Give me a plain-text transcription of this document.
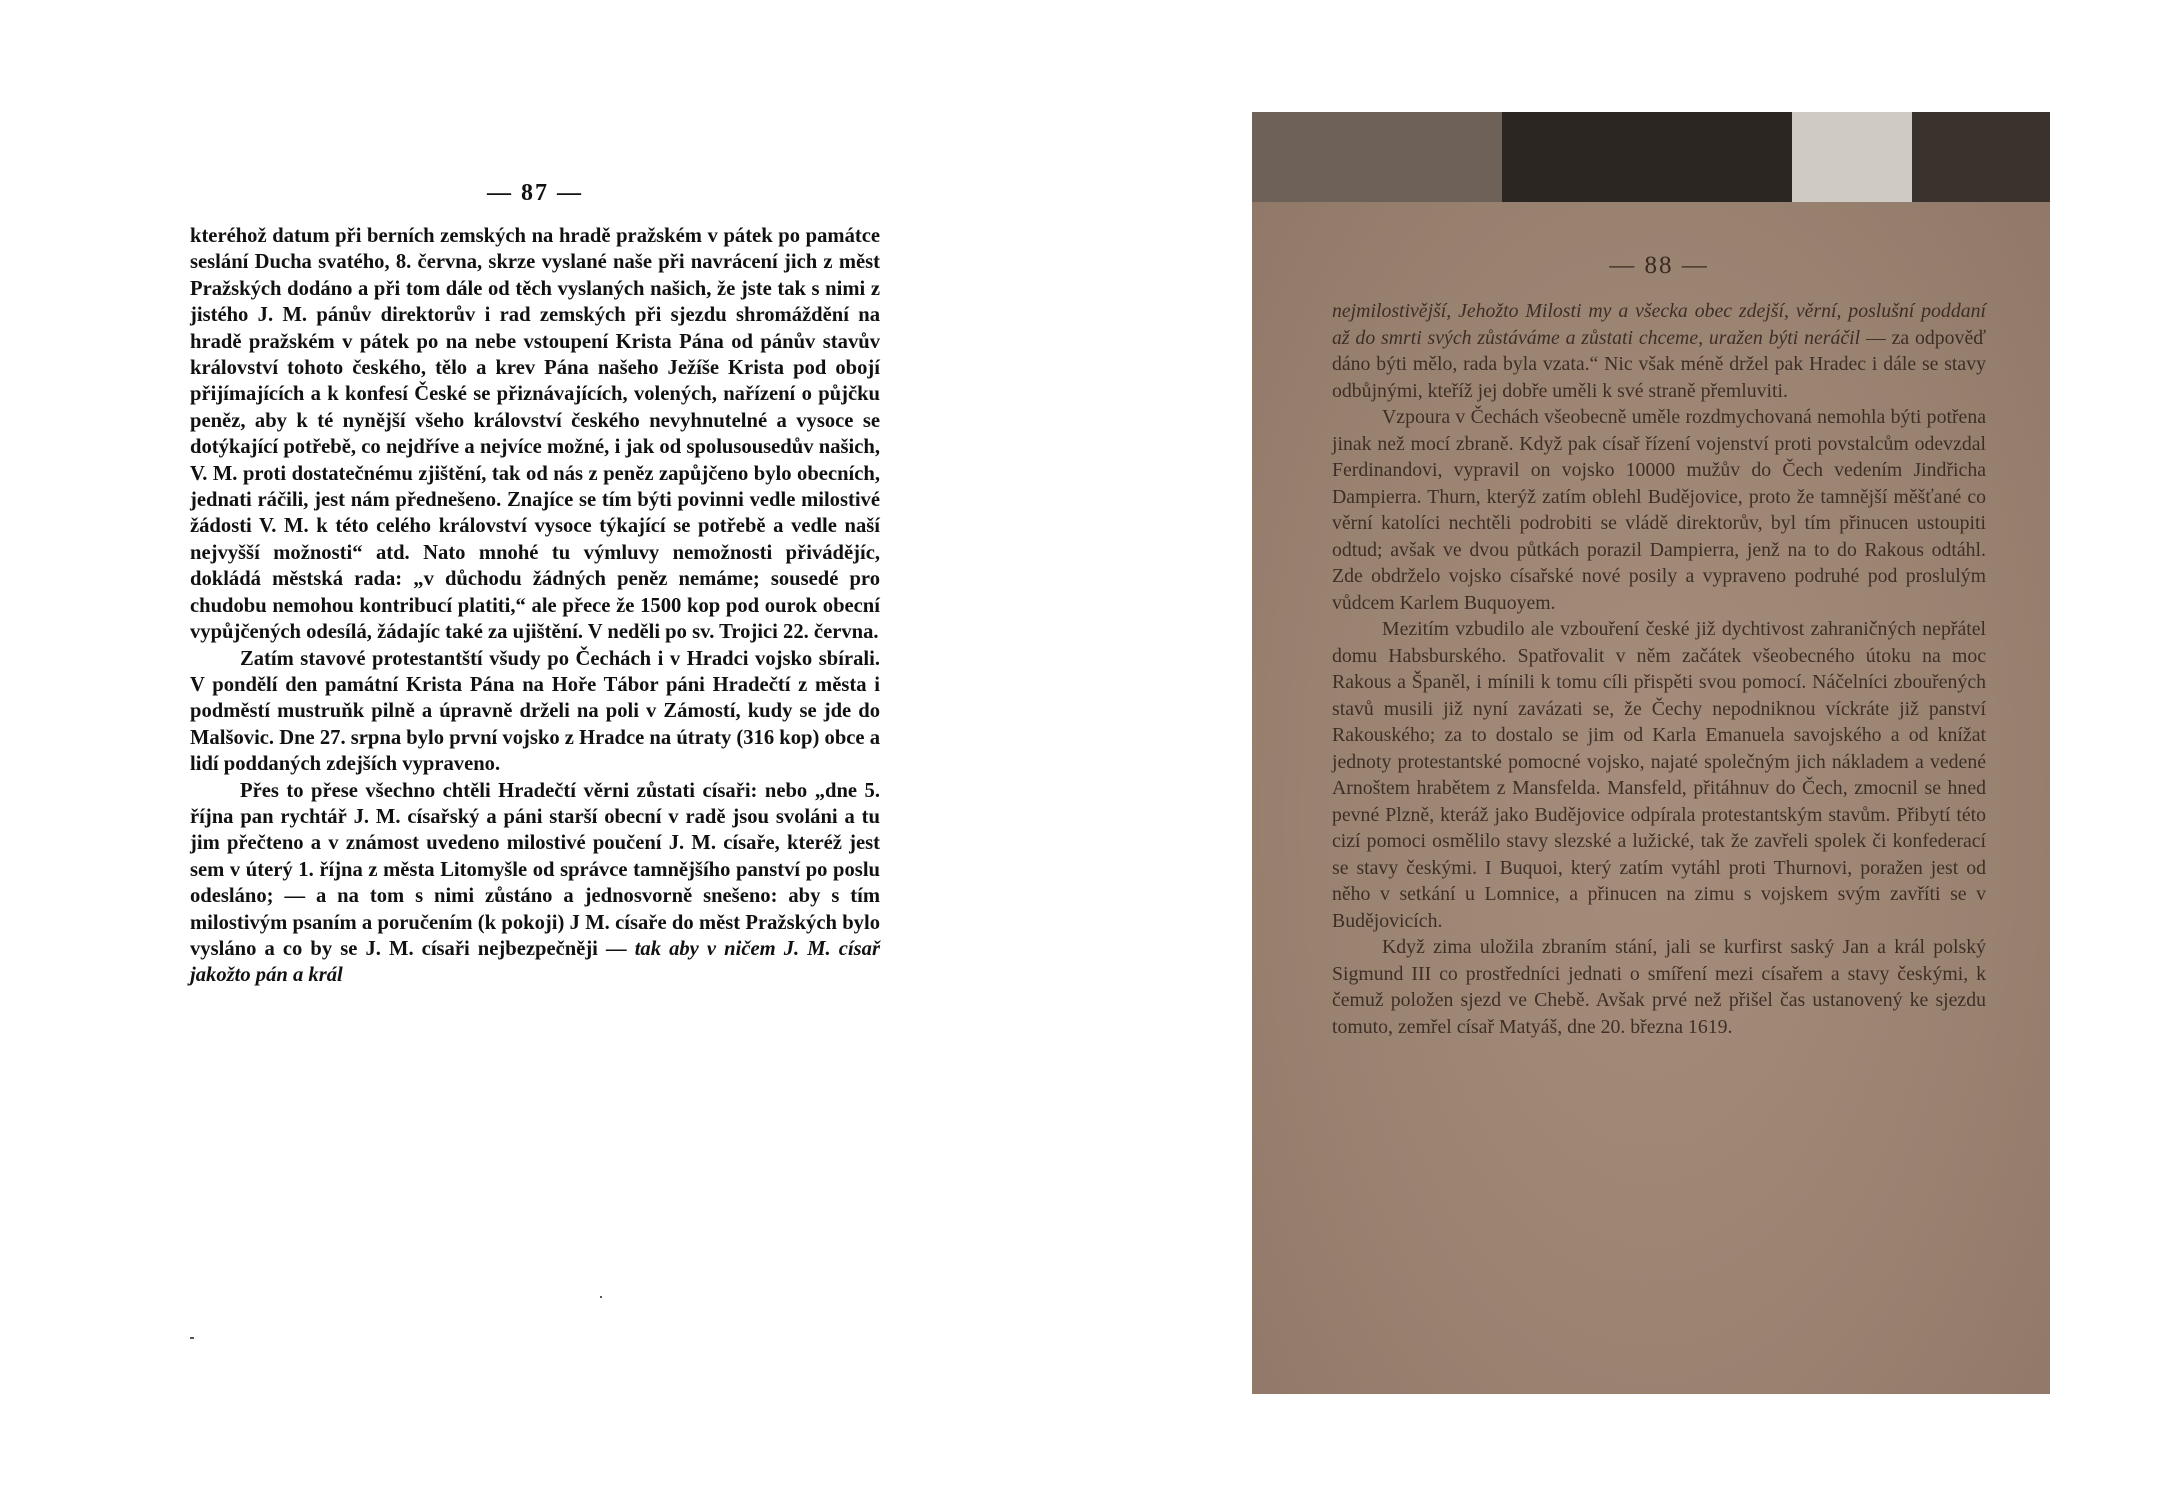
— 87 —

kteréhož datum při berních zemských na hradě pražském v pátek po památce seslání Ducha svatého, 8. června, skrze vyslané naše při navrácení jich z měst Pražských dodáno a při tom dále od těch vyslaných našich, že jste tak s nimi z jistého J. M. pánův direktorův i rad zemských při sjezdu shromáždění na hradě pražském v pátek po na nebe vstoupení Krista Pána od pánův stavův království tohoto českého, tělo a krev Pána našeho Ježíše Krista pod obojí přijímajících a k konfesí České se přiznávajících, volených, nařízení o půjčku peněz, aby k té nynější všeho království českého nevyhnutelné a vysoce se dotýkající potřebě, co nejdříve a nejvíce možné, i jak od spolusousedův našich, V. M. proti dostatečnému zjištění, tak od nás z peněz zapůjčeno bylo obecních, jednati ráčili, jest nám přednešeno. Znajíce se tím býti povinni vedle milostivé žádosti V. M. k této celého království vysoce týkající se potřebě a vedle naší nejvyšší možnosti“ atd. Nato mnohé tu výmluvy nemožnosti přivádějíc, dokládá městská rada: „v důchodu žádných peněz nemáme; sousedé pro chudobu nemohou kontribucí platiti,“ ale přece že 1500 kop pod ourok obecní vypůjčených odesílá, žádajíc také za ujištění. V neděli po sv. Trojici 22. června.

Zatím stavové protestantští všudy po Čechách i v Hradci vojsko sbírali. V pondělí den památní Krista Pána na Hoře Tábor páni Hradečtí z města i podměstí mustruňk pilně a úpravně drželi na poli v Zámostí, kudy se jde do Malšovic. Dne 27. srpna bylo první vojsko z Hradce na útraty (316 kop) obce a lidí poddaných zdejších vypraveno.

Přes to přese všechno chtěli Hradečtí věrni zůstati císaři: nebo „dne 5. října pan rychtář J. M. císařský a páni starší obecní v radě jsou svoláni a tu jim přečteno a v známost uvedeno milostivé poučení J. M. císaře, kteréž jest sem v úterý 1. října z města Litomyšle od správce tamnějšího panství po poslu odesláno; — a na tom s nimi zůstáno a jednosvorně snešeno: aby s tím milostivým psaním a poručením (k pokoji) J M. císaře do měst Pražských bylo vysláno a co by se J. M. císaři nejbezpečněji — tak aby v ničem J. M. císař jakožto pán a král

— 88 —

nejmilostivější, Jehožto Milosti my a všecka obec zdejší, věrní, poslušní poddaní až do smrti svých zůstáváme a zůstati chceme, uražen býti neráčil — za odpověď dáno býti mělo, rada byla vzata.“ Nic však méně držel pak Hradec i dále se stavy odbůjnými, kteříž jej dobře uměli k své straně přemluviti.

Vzpoura v Čechách všeobecně uměle rozdmychovaná nemohla býti potřena jinak než mocí zbraně. Když pak císař řízení vojenství proti povstalcům odevzdal Ferdinandovi, vypravil on vojsko 10000 mužův do Čech vedením Jindřicha Dampierra. Thurn, kterýž zatím oblehl Budějovice, proto že tamnější měšťané co věrní katolíci nechtěli podrobiti se vládě direktorův, byl tím přinucen ustoupiti odtud; avšak ve dvou půtkách porazil Dampierra, jenž na to do Rakous odtáhl. Zde obdrželo vojsko císařské nové posily a vypraveno podruhé pod proslulým vůdcem Karlem Buquoyem.

Mezitím vzbudilo ale vzbouření české již dychtivost zahraničných nepřátel domu Habsburského. Spatřovalit v něm začátek všeobecného útoku na moc Rakous a Španěl, i mínili k tomu cíli přispěti svou pomocí. Náčelníci zbouřených stavů musili již nyní zavázati se, že Čechy nepodniknou víckráte již panství Rakouského; za to dostalo se jim od Karla Emanuela savojského a od knížat jednoty protestantské pomocné vojsko, najaté společným jich nákladem a vedené Arnoštem hrabětem z Mansfelda. Mansfeld, přitáhnuv do Čech, zmocnil se hned pevné Plzně, kteráž jako Budějovice odpírala protestantským stavům. Přibytí této cizí pomoci osmělilo stavy slezské a lužické, tak že zavřeli spolek či konfederací se stavy českými. I Buquoi, který zatím vytáhl proti Thurnovi, poražen jest od něho v setkání u Lomnice, a přinucen na zimu s vojskem svým zavříti se v Budějovicích.

Když zima uložila zbraním stání, jali se kurfirst saský Jan a král polský Sigmund III co prostředníci jednati o smíření mezi císařem a stavy českými, k čemuž položen sjezd ve Chebě. Avšak prvé než přišel čas ustanovený ke sjezdu tomuto, zemřel císař Matyáš, dne 20. března 1619.
